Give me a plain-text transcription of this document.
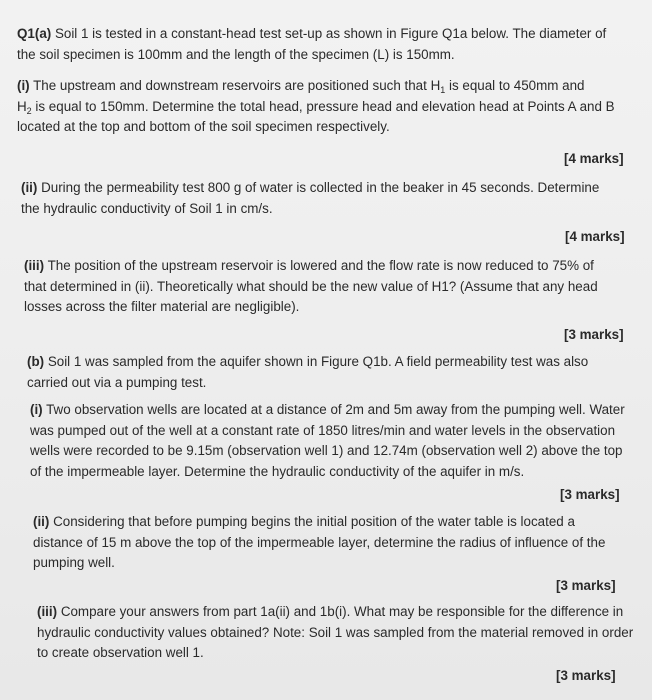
Q1(a) Soil 1 is tested in a constant-head test set-up as shown in Figure Q1a below. The diameter of
the soil specimen is 100mm and the length of the specimen (L) is 150mm.
(i) The upstream and downstream reservoirs are positioned such that $H_1$ is equal to 450mm and
$H_2$ is equal to 150mm. Determine the total head, pressure head and elevation head at Points A and B
located at the top and bottom of the soil specimen respectively.
[4 marks]
(ii) During the permeability test 800 g of water is collected in the beaker in 45 seconds. Determine
the hydraulic conductivity of Soil 1 in cm/s.
[4 marks]
(iii) The position of the upstream reservoir is lowered and the flow rate is now reduced to 75% of
that determined in (ii). Theoretically what should be the new value of H1? (Assume that any head
losses across the filter material are negligible).
[3 marks]
(b) Soil 1 was sampled from the aquifer shown in Figure Q1b. A field permeability test was also
carried out via a pumping test.
(i) Two observation wells are located at a distance of 2m and 5m away from the pumping well. Water
was pumped out of the well at a constant rate of 1850 litres/min and water levels in the observation
wells were recorded to be 9.15m (observation well 1) and 12.74m (observation well 2) above the top
of the impermeable layer. Determine the hydraulic conductivity of the aquifer in m/s.
[3 marks]
(ii) Considering that before pumping begins the initial position of the water table is located a
distance of 15 m above the top of the impermeable layer, determine the radius of influence of the
pumping well.
[3 marks]
(iii) Compare your answers from part 1a(ii) and 1b(i). What may be responsible for the difference in
hydraulic conductivity values obtained? Note: Soil 1 was sampled from the material removed in order
to create observation well 1.
[3 marks]
